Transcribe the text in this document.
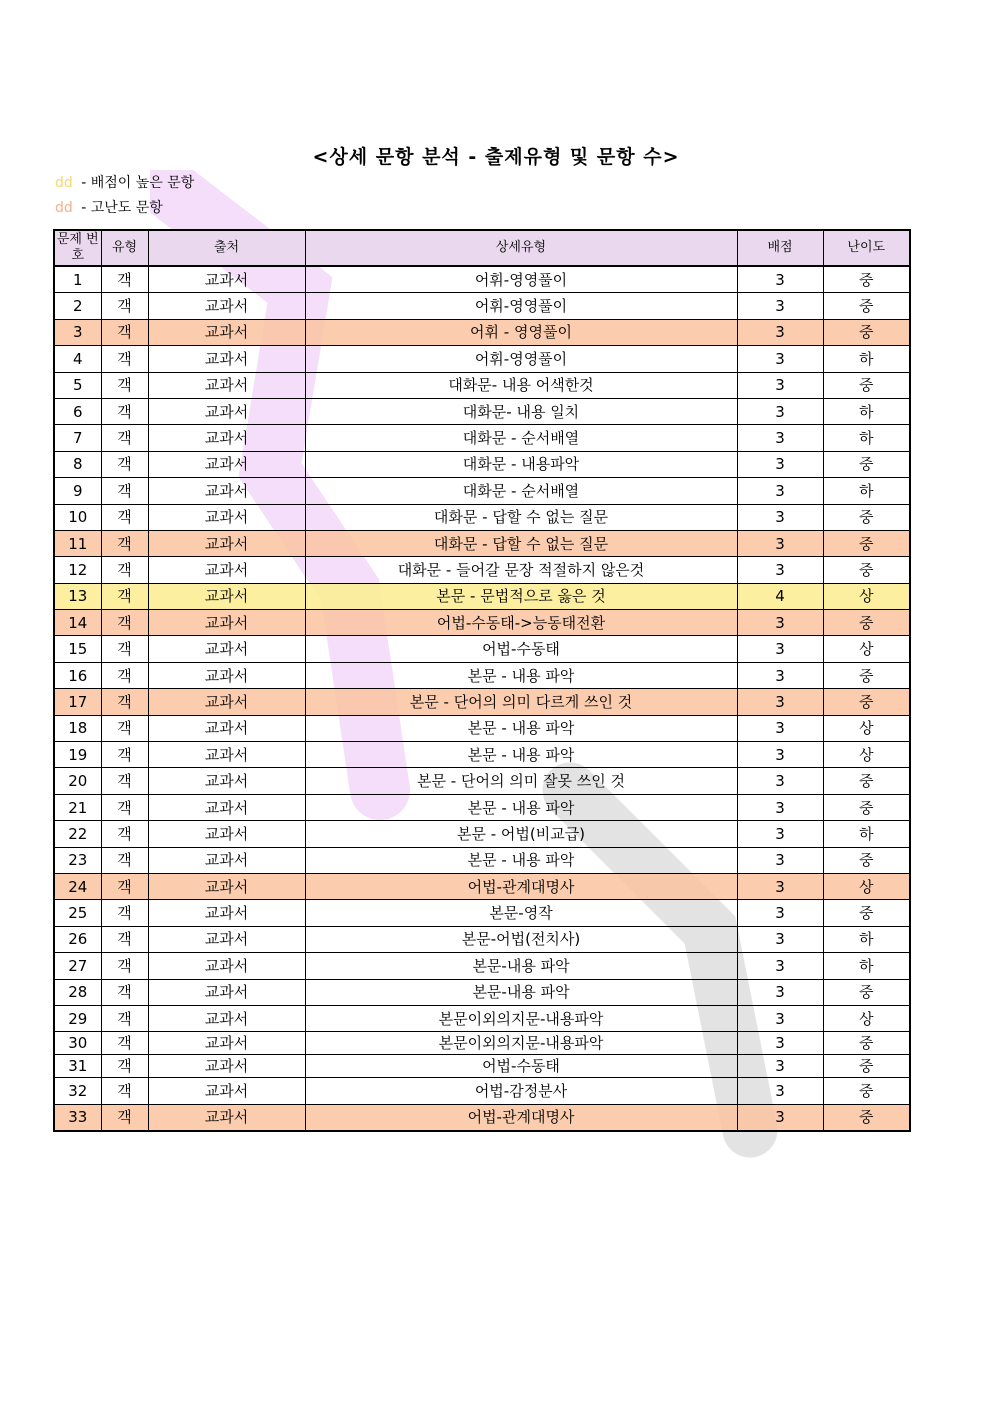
<상세 문항 분석 - 출제유형 및 문항 수>
dd - 배점이 높은 문항
dd - 고난도 문항
문제 번호	유형	출처	상세유형	배점	난이도
1	객	교과서	어휘-영영풀이	3	중
2	객	교과서	어휘-영영풀이	3	중
3	객	교과서	어휘 - 영영풀이	3	중
4	객	교과서	어휘-영영풀이	3	하
5	객	교과서	대화문- 내용 어색한것	3	중
6	객	교과서	대화문- 내용 일치	3	하
7	객	교과서	대화문 - 순서배열	3	하
8	객	교과서	대화문 - 내용파악	3	중
9	객	교과서	대화문 - 순서배열	3	하
10	객	교과서	대화문 - 답할 수 없는 질문	3	중
11	객	교과서	대화문 - 답할 수 없는 질문	3	중
12	객	교과서	대화문 - 들어갈 문장 적절하지 않은것	3	중
13	객	교과서	본문 - 문법적으로 옳은 것	4	상
14	객	교과서	어법-수동태->능동태전환	3	중
15	객	교과서	어법-수동태	3	상
16	객	교과서	본문 - 내용 파악	3	중
17	객	교과서	본문 - 단어의 의미 다르게 쓰인 것	3	중
18	객	교과서	본문 - 내용 파악	3	상
19	객	교과서	본문 - 내용 파악	3	상
20	객	교과서	본문 - 단어의 의미 잘못 쓰인 것	3	중
21	객	교과서	본문 - 내용 파악	3	중
22	객	교과서	본문 - 어법(비교급)	3	하
23	객	교과서	본문 - 내용 파악	3	중
24	객	교과서	어법-관계대명사	3	상
25	객	교과서	본문-영작	3	중
26	객	교과서	본문-어법(전치사)	3	하
27	객	교과서	본문-내용 파악	3	하
28	객	교과서	본문-내용 파악	3	중
29	객	교과서	본문이외의지문-내용파악	3	상
30	객	교과서	본문이외의지문-내용파악	3	중
31	객	교과서	어법-수동태	3	중
32	객	교과서	어법-감정분사	3	중
33	객	교과서	어법-관계대명사	3	중
